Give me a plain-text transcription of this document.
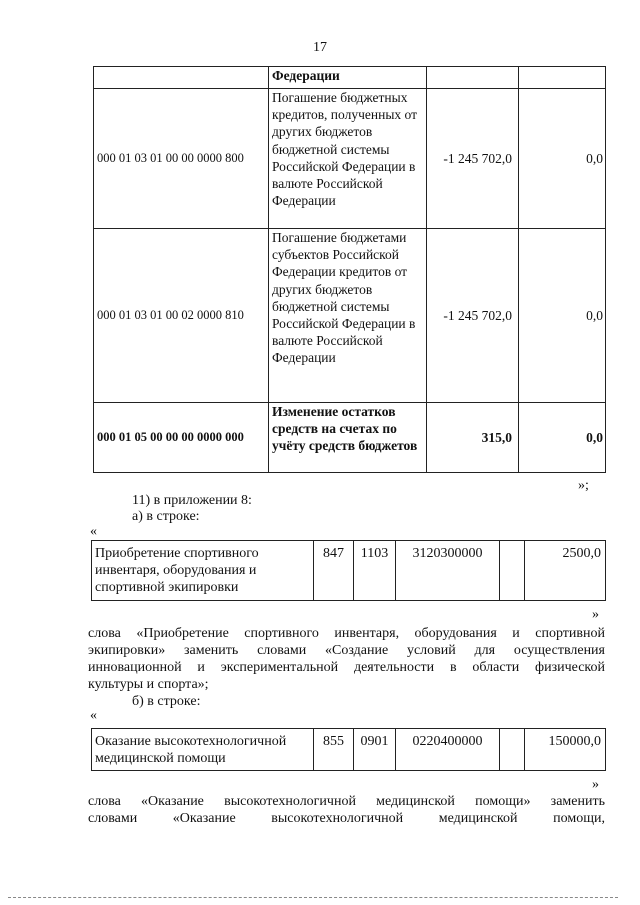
17
	Федерации		
000 01 03 01 00 00 0000 800	Погашение бюджетных кредитов, полученных от других бюджетов бюджетной системы Российской Федерации в валюте Российской Федерации	-1 245 702,0	0,0
000 01 03 01 00 02 0000 810	Погашение бюджетами субъектов Российской Федерации кредитов от других бюджетов бюджетной системы Российской Федерации в валюте Российской Федерации	-1 245 702,0	0,0
000 01 05 00 00 00 0000 000	Изменение остатков средств на счетах по учёту средств бюджетов	315,0	0,0
»;

11) в приложении 8:

а) в строке:

«
Приобретение спортивного инвентаря, оборудования и спортивной экипировки	847	1103	3120300000		2500,0
»

слова «Приобретение спортивного инвентаря, оборудования и спортивной

экипировки» заменить словами «Создание условий для осуществления

инновационной и экспериментальной деятельности в области физической

культуры и спорта»;

б) в строке:

«
Оказание высокотехнологичной медицинской помощи	855	0901	0220400000		150000,0
»

слова «Оказание высокотехнологичной медицинской помощи» заменить

словами «Оказание высокотехнологичной медицинской помощи,
